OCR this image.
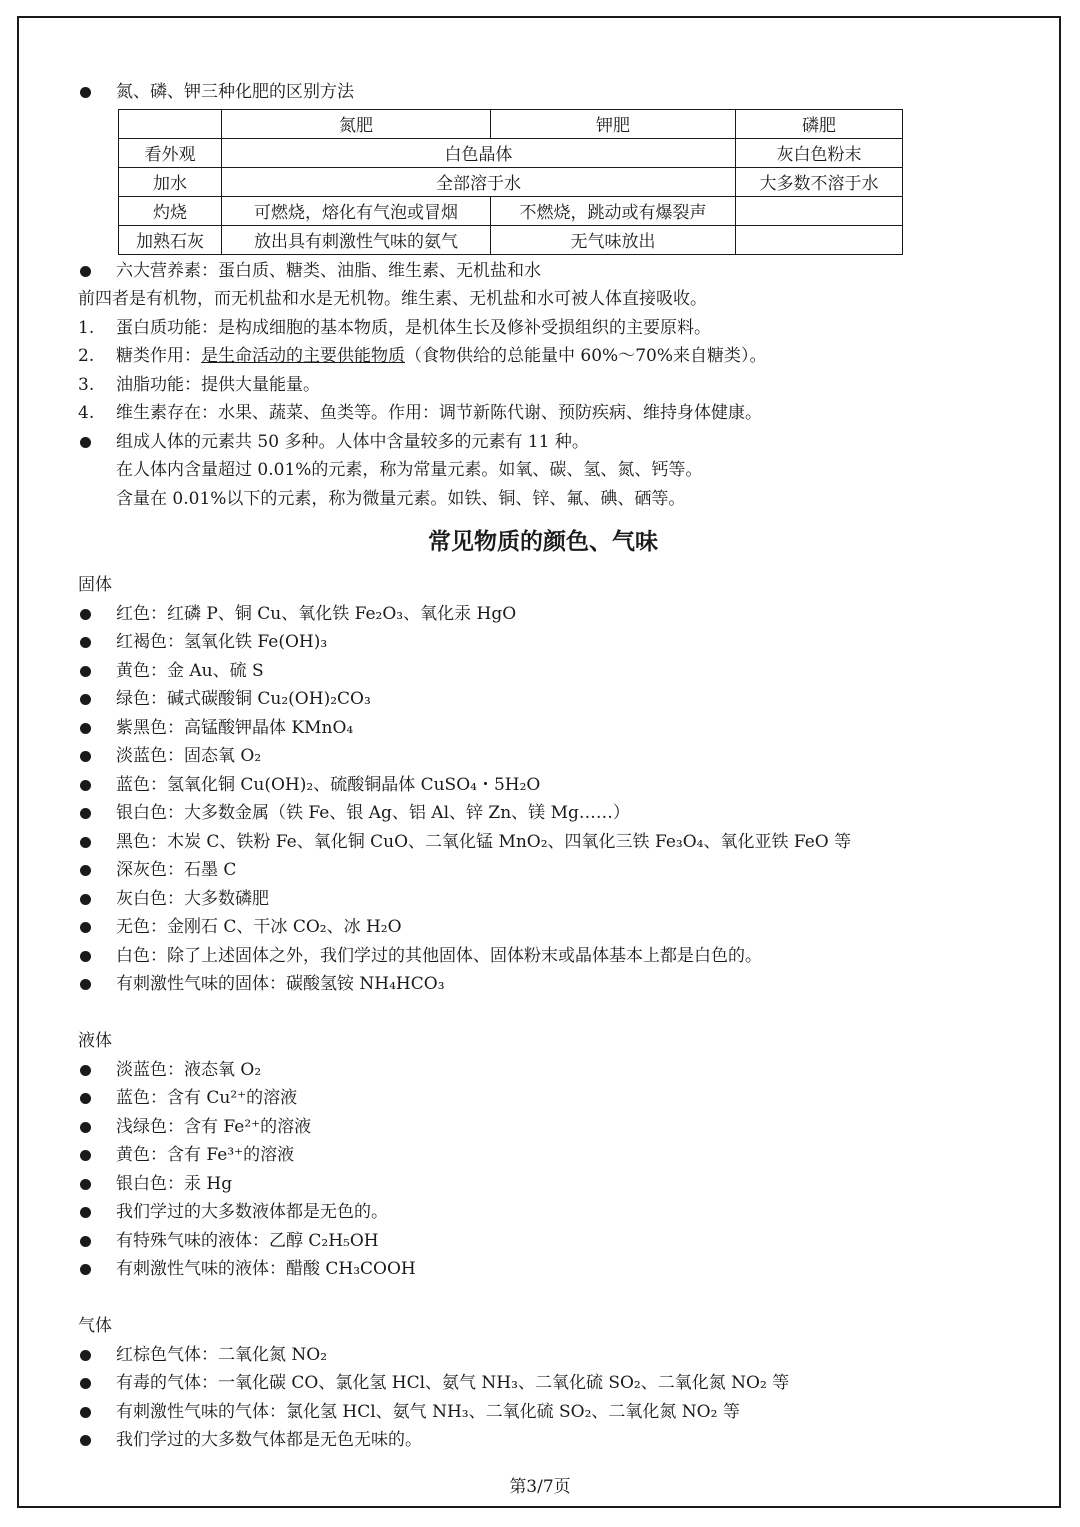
氮、磷、钾三种化肥的区别方法
	氮肥	钾肥	磷肥
看外观	白色晶体		灰白色粉末
加水	全部溶于水		大多数不溶于水
灼烧	可燃烧，熔化有气泡或冒烟	不燃烧，跳动或有爆裂声	
加熟石灰	放出具有刺激性气味的氨气	无气味放出	
六大营养素：蛋白质、糖类、油脂、维生素、无机盐和水
前四者是有机物，而无机盐和水是无机物。维生素、无机盐和水可被人体直接吸收。
1. 蛋白质功能：是构成细胞的基本物质，是机体生长及修补受损组织的主要原料。
2. 糖类作用：是生命活动的主要供能物质（食物供给的总能量中 60%～70%来自糖类）。
3. 油脂功能：提供大量能量。
4. 维生素存在：水果、蔬菜、鱼类等。作用：调节新陈代谢、预防疾病、维持身体健康。
组成人体的元素共 50 多种。人体中含量较多的元素有 11 种。
在人体内含量超过 0.01%的元素，称为常量元素。如氧、碳、氢、氮、钙等。
含量在 0.01%以下的元素，称为微量元素。如铁、铜、锌、氟、碘、硒等。
常见物质的颜色、气味
固体
红色：红磷 P、铜 Cu、氧化铁 Fe₂O₃、氧化汞 HgO
红褐色：氢氧化铁 Fe(OH)₃
黄色：金 Au、硫 S
绿色：碱式碳酸铜 Cu₂(OH)₂CO₃
紫黑色：高锰酸钾晶体 KMnO₄
淡蓝色：固态氧 O₂
蓝色：氢氧化铜 Cu(OH)₂、硫酸铜晶体 CuSO₄・5H₂O
银白色：大多数金属（铁 Fe、银 Ag、铝 Al、锌 Zn、镁 Mg……）
黑色：木炭 C、铁粉 Fe、氧化铜 CuO、二氧化锰 MnO₂、四氧化三铁 Fe₃O₄、氧化亚铁 FeO 等
深灰色：石墨 C
灰白色：大多数磷肥
无色：金刚石 C、干冰 CO₂、冰 H₂O
白色：除了上述固体之外，我们学过的其他固体、固体粉末或晶体基本上都是白色的。
有刺激性气味的固体：碳酸氢铵 NH₄HCO₃
液体
淡蓝色：液态氧 O₂
蓝色：含有 Cu²⁺的溶液
浅绿色：含有 Fe²⁺的溶液
黄色：含有 Fe³⁺的溶液
银白色：汞 Hg
我们学过的大多数液体都是无色的。
有特殊气味的液体：乙醇 C₂H₅OH
有刺激性气味的液体：醋酸 CH₃COOH
气体
红棕色气体：二氧化氮 NO₂
有毒的气体：一氧化碳 CO、氯化氢 HCl、氨气 NH₃、二氧化硫 SO₂、二氧化氮 NO₂ 等
有刺激性气味的气体：氯化氢 HCl、氨气 NH₃、二氧化硫 SO₂、二氧化氮 NO₂ 等
我们学过的大多数气体都是无色无味的。
第3/7页
